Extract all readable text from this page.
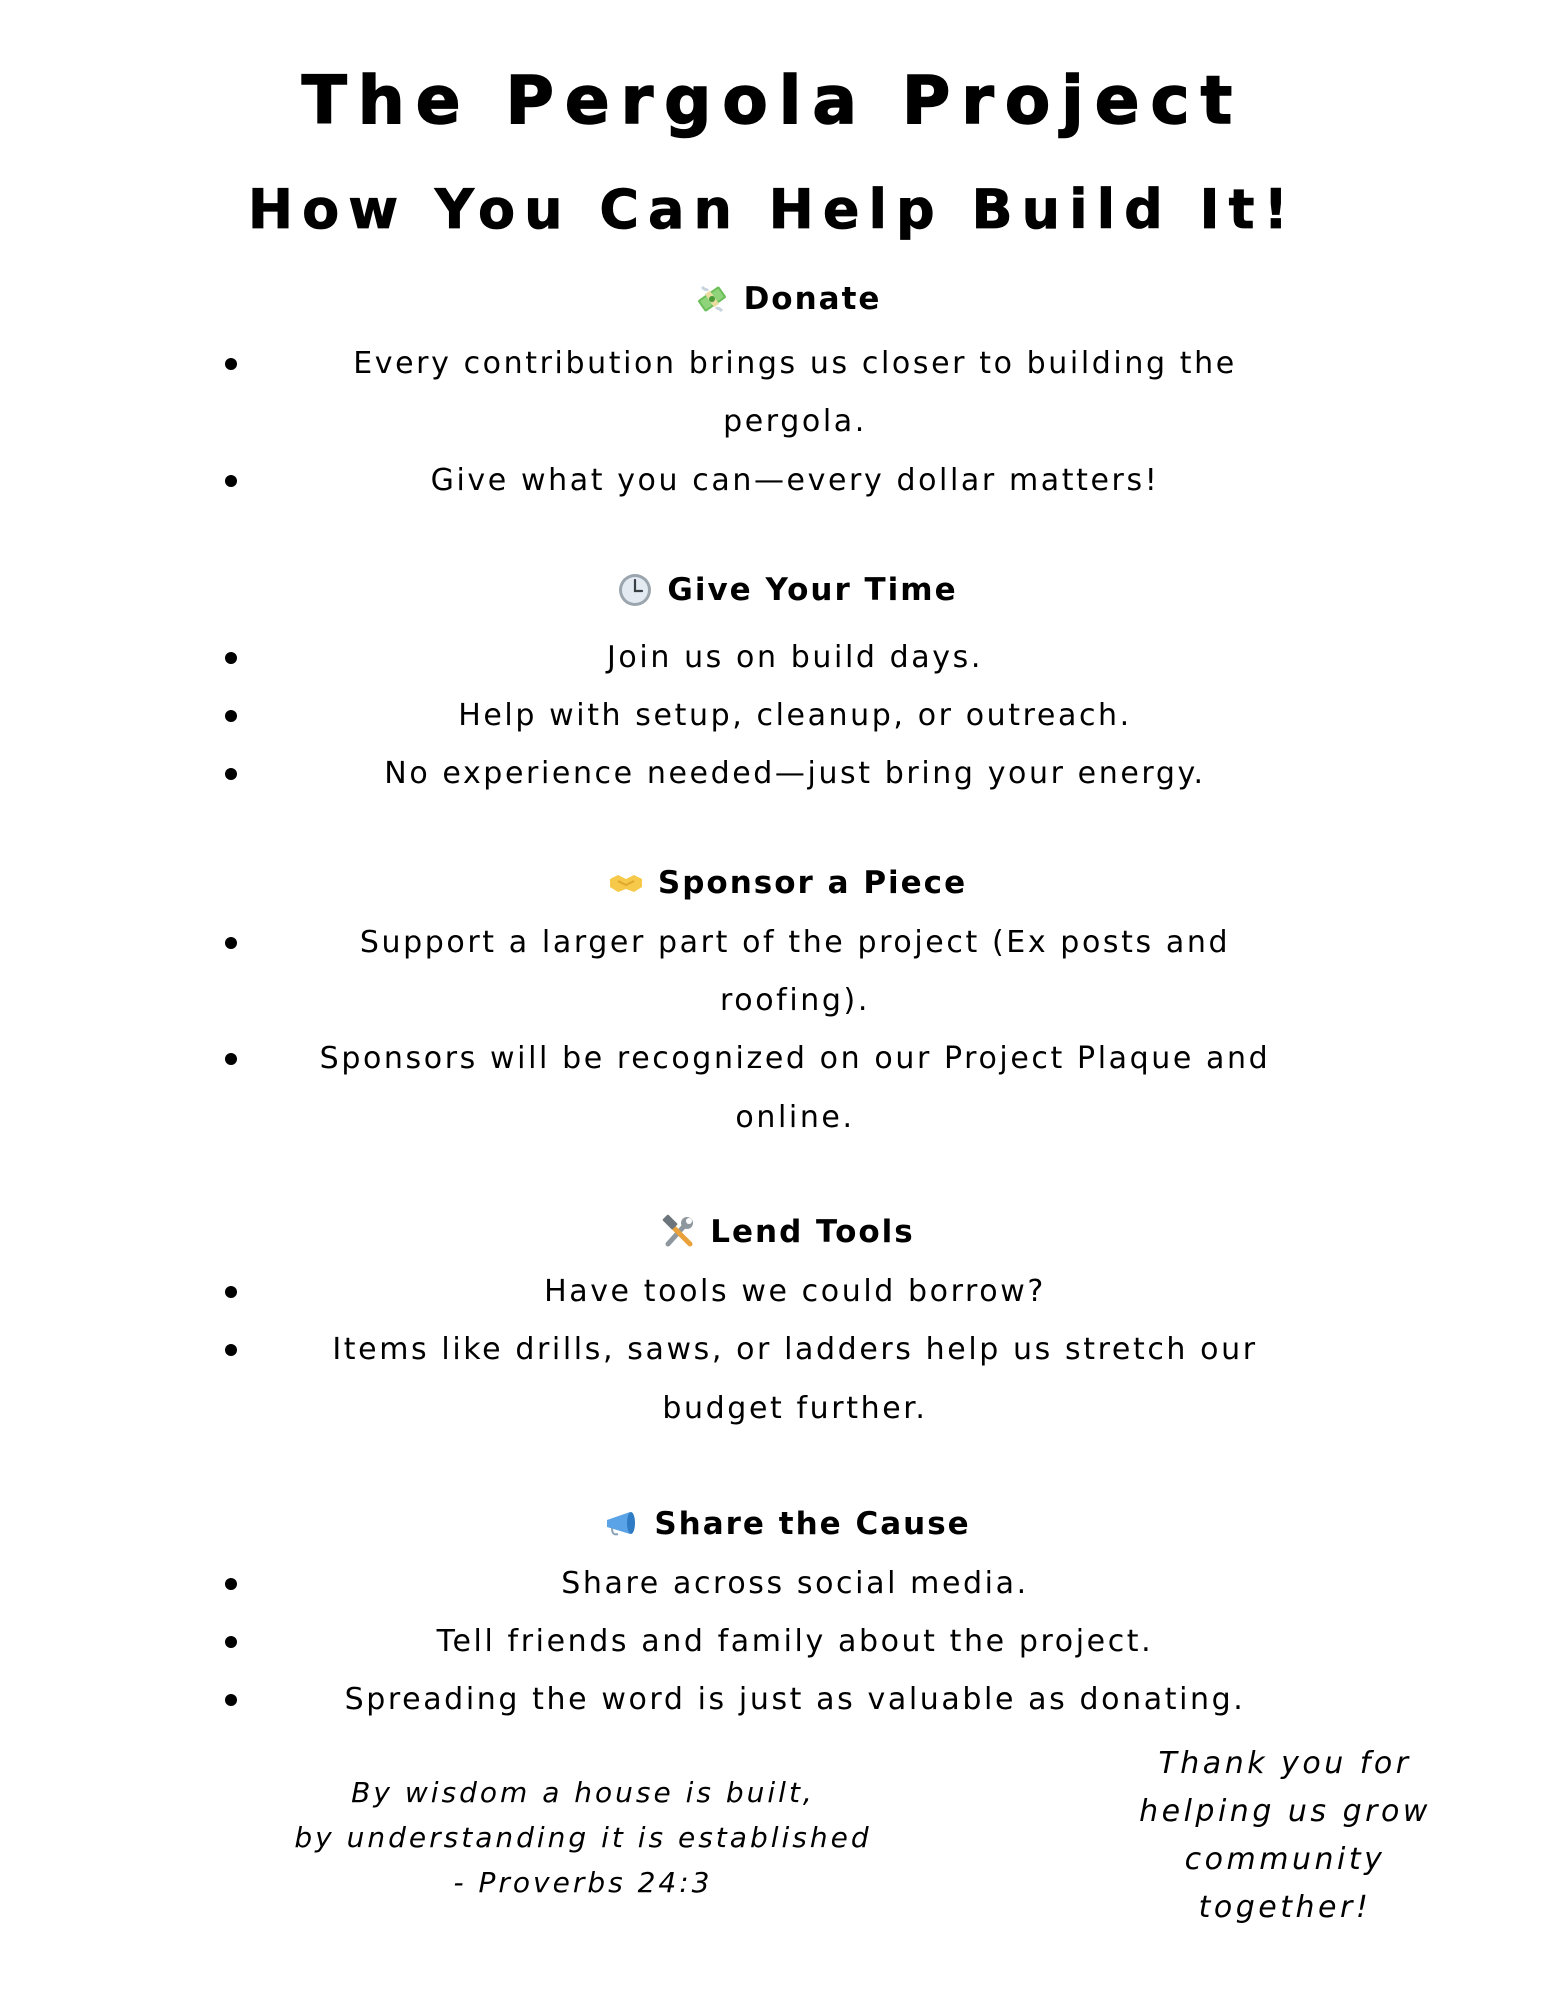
The Pergola Project
How You Can Help Build It!
Donate
Every contribution brings us closer to building the
pergola.
Give what you can—every dollar matters!
Give Your Time
Join us on build days.
Help with setup, cleanup, or outreach.
No experience needed—just bring your energy.
Sponsor a Piece
Support a larger part of the project (Ex posts and
roofing).
Sponsors will be recognized on our Project Plaque and
online.
Lend Tools
Have tools we could borrow?
Items like drills, saws, or ladders help us stretch our
budget further.
Share the Cause
Share across social media.
Tell friends and family about the project.
Spreading the word is just as valuable as donating.
By wisdom a house is built,
by understanding it is established
- Proverbs 24:3
Thank you for
helping us grow
community
together!
